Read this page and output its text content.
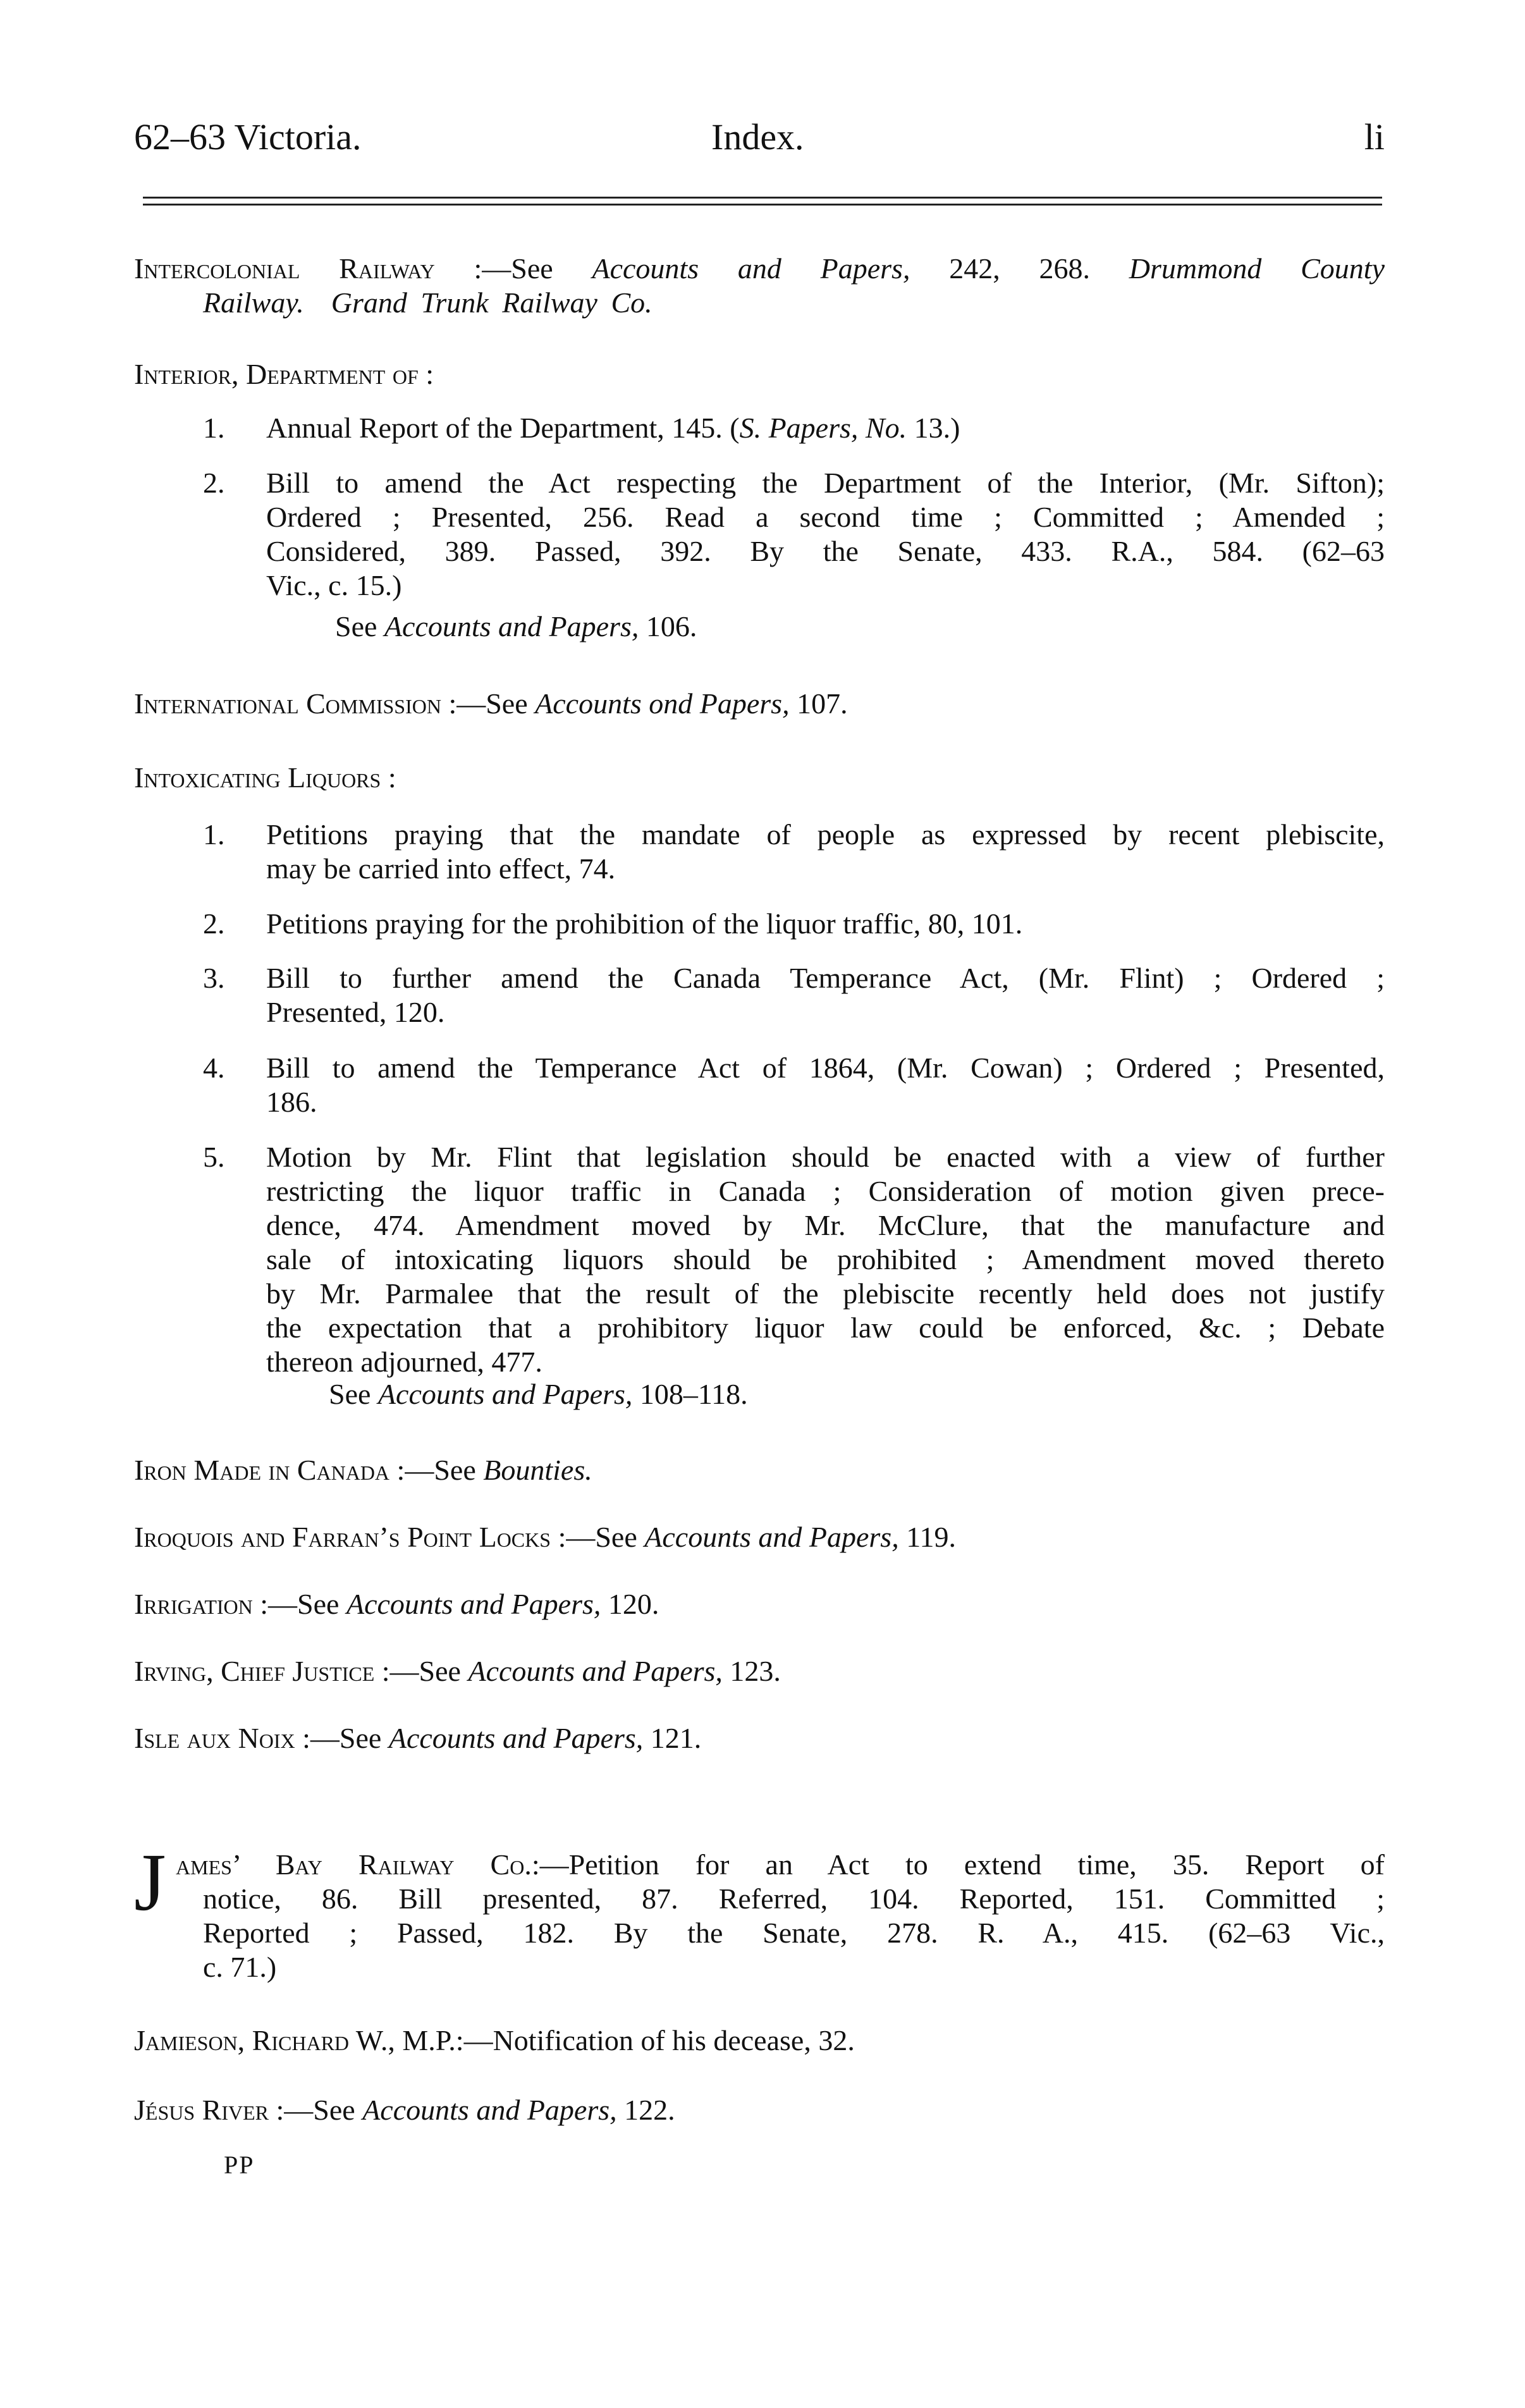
62–63 Victoria.	Index.	li
Intercolonial Railway :—See Accounts and Papers, 242, 268. Drummond County
Railway. Grand Trunk Railway Co.
Interior, Department of :
1.	Annual Report of the Department, 145. (S. Papers, No. 13.)
2.	Bill to amend the Act respecting the Department of the Interior, (Mr. Sifton);
Ordered ; Presented, 256. Read a second time ; Committed ; Amended ;
Considered, 389. Passed, 392. By the Senate, 433. R.A., 584. (62–63
Vic., c. 15.)
See Accounts and Papers, 106.
International Commission :—See Accounts ond Papers, 107.
Intoxicating Liquors :
1.	Petitions praying that the mandate of people as expressed by recent plebiscite,
may be carried into effect, 74.
2.	Petitions praying for the prohibition of the liquor traffic, 80, 101.
3.	Bill to further amend the Canada Temperance Act, (Mr. Flint) ; Ordered ;
Presented, 120.
4.	Bill to amend the Temperance Act of 1864, (Mr. Cowan) ; Ordered ; Presented,
186.
5.	Motion by Mr. Flint that legislation should be enacted with a view of further
restricting the liquor traffic in Canada ; Consideration of motion given prece-
dence, 474. Amendment moved by Mr. McClure, that the manufacture and
sale of intoxicating liquors should be prohibited ; Amendment moved thereto
by Mr. Parmalee that the result of the plebiscite recently held does not justify
the expectation that a prohibitory liquor law could be enforced, &c. ; Debate
thereon adjourned, 477.
See Accounts and Papers, 108–118.
Iron Made in Canada :—See Bounties.
Iroquois and Farran’s Point Locks :—See Accounts and Papers, 119.
Irrigation :—See Accounts and Papers, 120.
Irving, Chief Justice :—See Accounts and Papers, 123.
Isle aux Noix :—See Accounts and Papers, 121.
J ames’ Bay Railway Co.:—Petition for an Act to extend time, 35. Report of
notice, 86. Bill presented, 87. Referred, 104. Reported, 151. Committed ;
Reported ; Passed, 182. By the Senate, 278. R. A., 415. (62–63 Vic.,
c. 71.)
Jamieson, Richard W., M.P.:—Notification of his decease, 32.
Jésus River :—See Accounts and Papers, 122.
PP
